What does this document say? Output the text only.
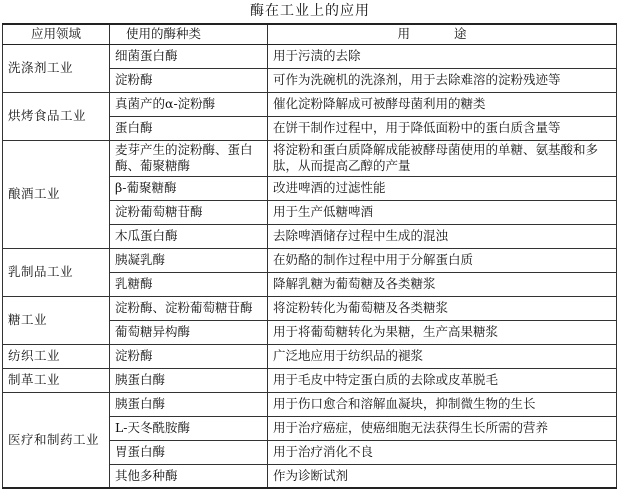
酶在工业上的应用
应用领域	使用的酶种类	用 途
洗涤剂工业	细菌蛋白酶	用于污渍的去除
	淀粉酶	可作为洗碗机的洗涤剂，用于去除难溶的淀粉残迹等
烘烤食品工业	真菌产的α-淀粉酶	催化淀粉降解成可被酵母菌利用的糖类
	蛋白酶	在饼干制作过程中，用于降低面粉中的蛋白质含量等
酿酒工业	麦芽产生的淀粉酶、蛋白酶、葡聚糖酶	将淀粉和蛋白质降解成能被酵母菌使用的单糖、氨基酸和多肽，从而提高乙醇的产量
	β-葡聚糖酶	改进啤酒的过滤性能
	淀粉葡萄糖苷酶	用于生产低糖啤酒
	木瓜蛋白酶	去除啤酒储存过程中生成的混浊
乳制品工业	胰凝乳酶	在奶酪的制作过程中用于分解蛋白质
	乳糖酶	降解乳糖为葡萄糖及各类糖浆
糖工业	淀粉酶、淀粉葡萄糖苷酶	将淀粉转化为葡萄糖及各类糖浆
	葡萄糖异构酶	用于将葡萄糖转化为果糖，生产高果糖浆
纺织工业	淀粉酶	广泛地应用于纺织品的褪浆
制革工业	胰蛋白酶	用于毛皮中特定蛋白质的去除或皮革脱毛
医疗和制药工业	胰蛋白酶	用于伤口愈合和溶解血凝块，抑制微生物的生长
	L-天冬酰胺酶	用于治疗癌症，使癌细胞无法获得生长所需的营养
	胃蛋白酶	用于治疗消化不良
	其他多种酶	作为诊断试剂
